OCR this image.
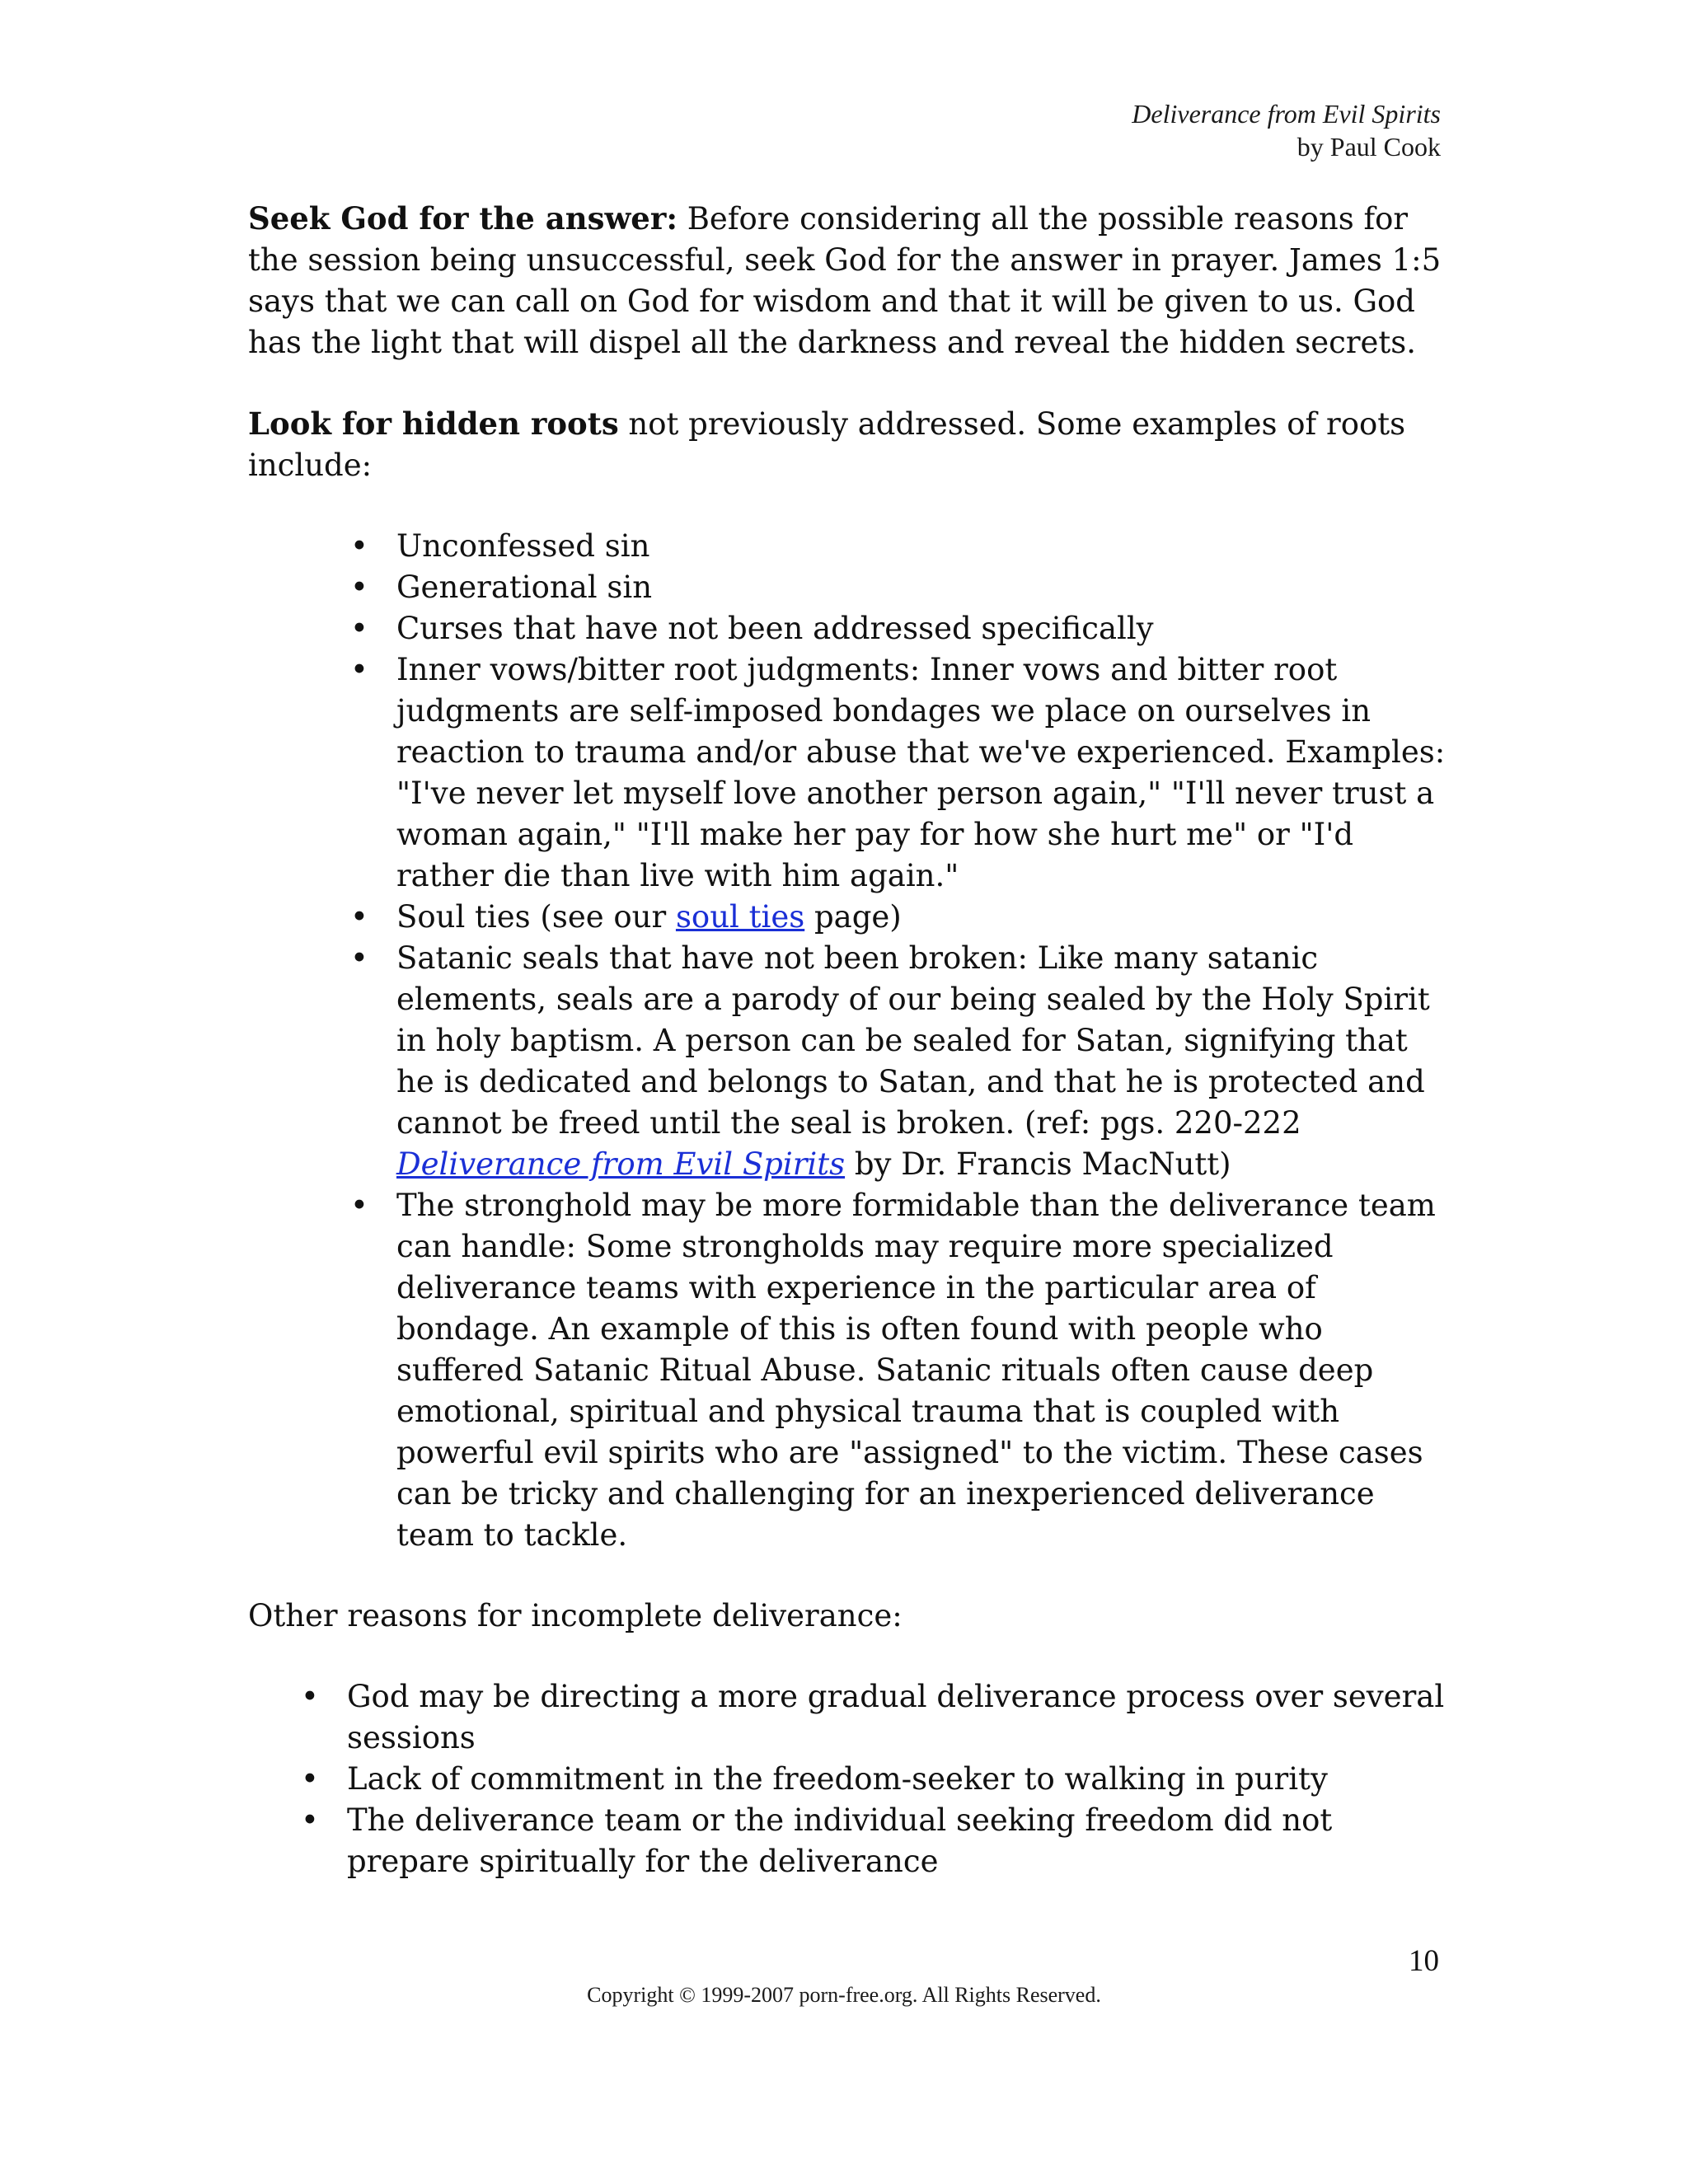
Deliverance from Evil Spirits
by Paul Cook

Seek God for the answer: Before considering all the possible reasons for the session being unsuccessful, seek God for the answer in prayer. James 1:5 says that we can call on God for wisdom and that it will be given to us. God has the light that will dispel all the darkness and reveal the hidden secrets.

Look for hidden roots not previously addressed. Some examples of roots include:

• Unconfessed sin
• Generational sin
• Curses that have not been addressed specifically
• Inner vows/bitter root judgments: Inner vows and bitter root judgments are self-imposed bondages we place on ourselves in reaction to trauma and/or abuse that we've experienced. Examples: "I've never let myself love another person again," "I'll never trust a woman again," "I'll make her pay for how she hurt me" or "I'd rather die than live with him again."
• Soul ties (see our soul ties page)
• Satanic seals that have not been broken: Like many satanic elements, seals are a parody of our being sealed by the Holy Spirit in holy baptism. A person can be sealed for Satan, signifying that he is dedicated and belongs to Satan, and that he is protected and cannot be freed until the seal is broken. (ref: pgs. 220-222 Deliverance from Evil Spirits by Dr. Francis MacNutt)
• The stronghold may be more formidable than the deliverance team can handle: Some strongholds may require more specialized deliverance teams with experience in the particular area of bondage. An example of this is often found with people who suffered Satanic Ritual Abuse. Satanic rituals often cause deep emotional, spiritual and physical trauma that is coupled with powerful evil spirits who are "assigned" to the victim. These cases can be tricky and challenging for an inexperienced deliverance team to tackle.

Other reasons for incomplete deliverance:

• God may be directing a more gradual deliverance process over several sessions
• Lack of commitment in the freedom-seeker to walking in purity
• The deliverance team or the individual seeking freedom did not prepare spiritually for the deliverance
10
Copyright © 1999-2007 porn-free.org. All Rights Reserved.
